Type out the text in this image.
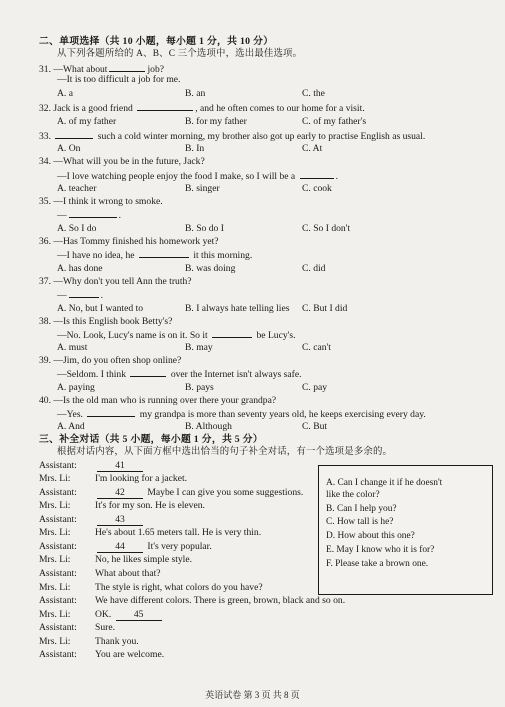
二、单项选择（共 10 小题，每小题 1 分，共 10 分）
从下列各题所给的 A、B、C 三个选项中，选出最佳选项。
31. —What about	job?
—It is too difficult a job for me.
A. a	B. an	C. the
32. Jack is a good friend	, and he often comes to our home for a visit.
A. of my father	B. for my father	C. of my father's
33.	such a cold winter morning, my brother also got up early to practise English as usual.
A. On	B. In	C. At
34. —What will you be in the future, Jack?
—I love watching people enjoy the food I make, so I will be a	.
A. teacher	B. singer	C. cook
35. —I think it wrong to smoke.
—	.
A. So I do	B. So do I	C. So I don't
36. —Has Tommy finished his homework yet?
—I have no idea, he	it this morning.
A. has done	B. was doing	C. did
37. —Why don't you tell Ann the truth?
—	.
A. No, but I wanted to	B. I always hate telling lies C. But I did
38. —Is this English book Betty's?
—No. Look, Lucy's name is on it. So it	be Lucy's.
A. must	B. may	C. can't
39. —Jim, do you often shop online?
—Seldom. I think	over the Internet isn't always safe.
A. paying	B. pays	C. pay
40. —Is the old man who is running over there your grandpa?
—Yes.	my grandpa is more than seventy years old, he keeps exercising every day.
A. And	B. Although	C. But
三、补全对话（共 5 小题，每小题 1 分，共 5 分）
根据对话内容，从下面方框中选出恰当的句子补全对话，有一个选项是多余的。
Assistant:	41
Mrs. Li:	I'm looking for a jacket.
Assistant:	42 Maybe I can give you some suggestions.
Mrs. Li:	It's for my son. He is eleven.
Assistant:	43
Mrs. Li:	He's about 1.65 meters tall. He is very thin.
Assistant:	44 It's very popular.
Mrs. Li:	No, he likes simple style.
Assistant: What about that?
Mrs. Li:	The style is right, what colors do you have?
Assistant: We have different colors. There is green, brown, black and so on.
Mrs. Li:	OK. 45
Assistant: Sure.
Mrs. Li:	Thank you.
Assistant: You are welcome.
A. Can I change it if he doesn't
like the color?
B. Can I help you?
C. How tall is he?
D. How about this one?
E. May I know who it is for?
F. Please take a brown one.
英语试卷 第 3 页 共 8 页
